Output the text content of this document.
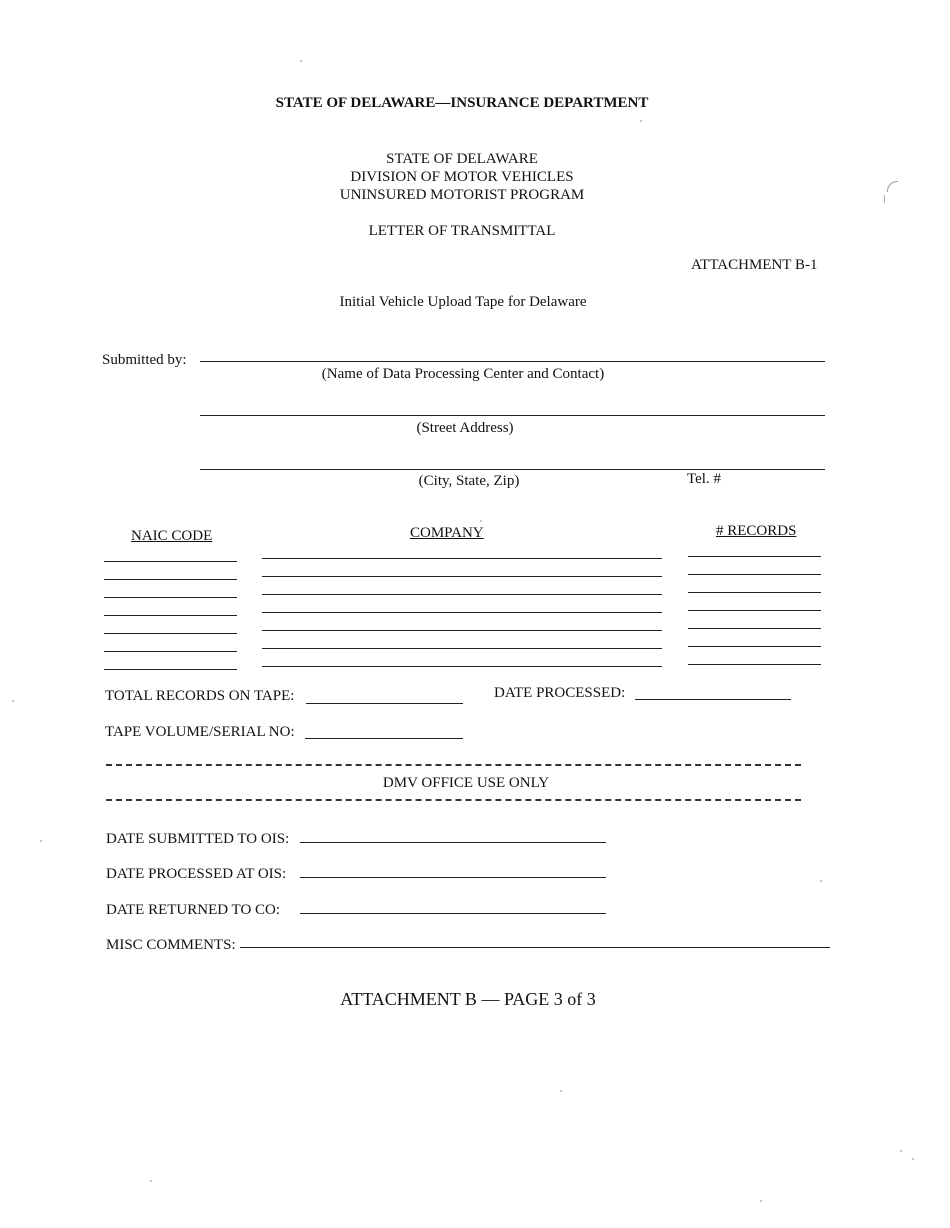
STATE OF DELAWARE—INSURANCE DEPARTMENT
STATE OF DELAWARE
DIVISION OF MOTOR VEHICLES
UNINSURED MOTORIST PROGRAM
LETTER OF TRANSMITTAL
ATTACHMENT B-1
Initial Vehicle Upload Tape for Delaware
Submitted by:
(Name of Data Processing Center and Contact)
(Street Address)
(City, State, Zip)	Tel. #
NAIC CODE	COMPANY	# RECORDS
TOTAL RECORDS ON TAPE:	DATE PROCESSED:
TAPE VOLUME/SERIAL NO:
DMV OFFICE USE ONLY
DATE SUBMITTED TO OIS:
DATE PROCESSED AT OIS:
DATE RETURNED TO CO:
MISC COMMENTS:
ATTACHMENT B — PAGE 3 of 3
